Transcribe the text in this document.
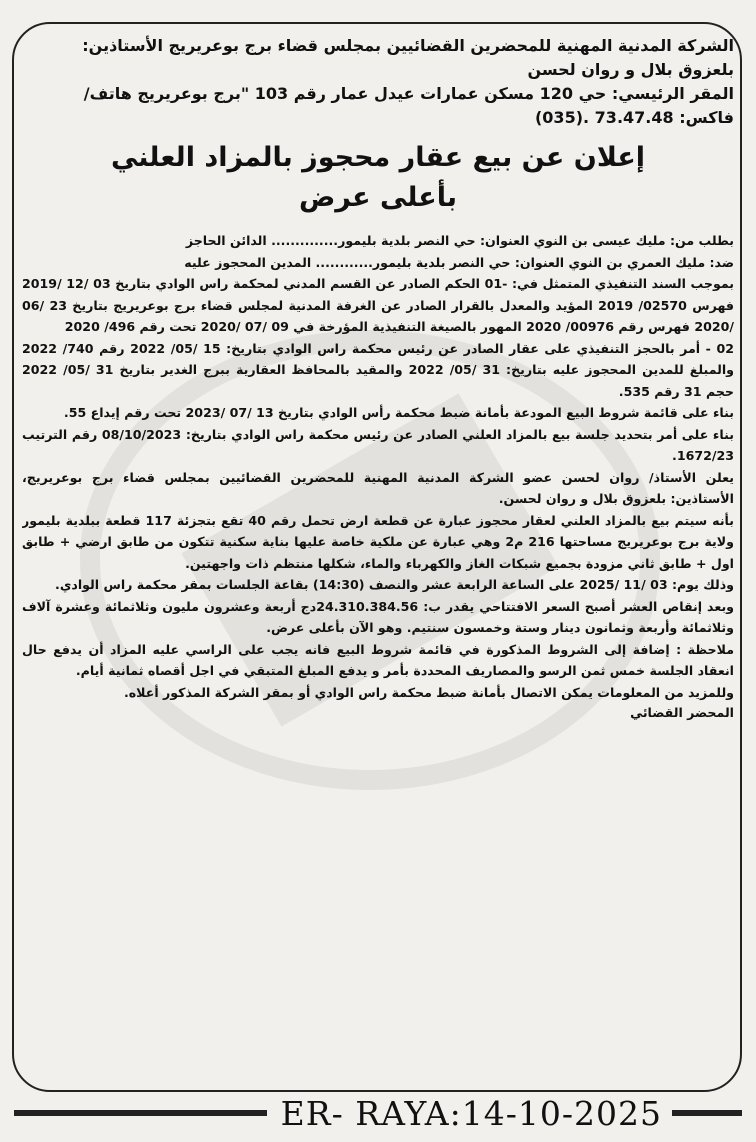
الشركة المدنية المهنية للمحضرين القضائيين بمجلس قضاء برج بوعريريج الأستاذين:

بلعزوق بلال و روان لحسن

المقر الرئيسي: حي 120 مسكن عمارات عيدل عمار رقم 103 "برج بوعريريج هاتف/

فاكس: 73.47.48 .(035)

إعلان عن بيع عقار محجوز بالمزاد العلني

بأعلى عرض

بطلب من: مليك عيسى بن النوي العنوان: حي النصر بلدية بليمور.............. الدائن الحاجز

ضد: مليك العمري بن النوي العنوان: حي النصر بلدية بليمور............ المدين المحجوز عليه

بموجب السند التنفيذي المتمثل في: -01 الحكم الصادر عن القسم المدني لمحكمة راس الوادي بتاريخ 03 /12 /2019 فهرس 02570/ 2019 المؤيد والمعدل بالقرار الصادر عن الغرفة المدنية لمجلس قضاء برج بوعريريج بتاريخ 23 /06 /2020 فهرس رقم 00976/ 2020 المهور بالصيغة التنفيذية المؤرخة في 09 /07 /2020 تحت رقم 496/ 2020

02 - أمر بالحجز التنفيذي على عقار الصادر عن رئيس محكمة راس الوادي بتاريخ: 15 /05/ 2022 رقم 740/ 2022 والمبلغ للمدين المحجوز عليه بتاريخ: 31 /05/ 2022 والمقيد بالمحافظ العقارية ببرج الغدير بتاريخ 31 /05/ 2022 حجم 31 رقم 535.

بناء على قائمة شروط البيع المودعة بأمانة ضبط محكمة رأس الوادي بتاريخ 13 /07 /2023 تحت رقم إيداع 55.

بناء على أمر بتحديد جلسة بيع بالمزاد العلني الصادر عن رئيس محكمة راس الوادي بتاريخ: 08/10/2023 رقم الترتيب 1672/23.

يعلن الأستاذ/ روان لحسن عضو الشركة المدنية المهنية للمحضرين القضائيين بمجلس قضاء برج بوعريريج، الأستاذين: بلعزوق بلال و روان لحسن.

بأنه سيتم بيع بالمزاد العلني لعقار محجوز عبارة عن قطعة ارض تحمل رقم 40 تقع بتجزئة 117 قطعة ببلدية بليمور ولاية برج بوعريريج مساحتها 216 م2 وهي عبارة عن ملكية خاصة عليها بناية سكنية تتكون من طابق ارضي + طابق اول + طابق ثاني مزودة بجميع شبكات الغاز والكهرباء والماء، شكلها منتظم ذات واجهتين.

وذلك يوم: 03 /11 /2025 على الساعة الرابعة عشر والنصف (14:30) بقاعة الجلسات بمقر محكمة راس الوادي.

وبعد إنقاص العشر أصبح السعر الافتتاحي يقدر ب: 24.310.384.56دج أربعة وعشرون مليون وثلاثمائة وعشرة آلاف وثلاثمائة وأربعة وثمانون دينار وستة وخمسون سنتيم. وهو الآن بأعلى عرض.

ملاحظة : إضافة إلى الشروط المذكورة في قائمة شروط البيع فانه يجب على الراسي عليه المزاد أن يدفع حال انعقاد الجلسة خمس ثمن الرسو والمصاريف المحددة بأمر و يدفع المبلغ المتبقي في اجل أقصاه ثمانية أيام.

وللمزيد من المعلومات يمكن الاتصال بأمانة ضبط محكمة راس الوادي أو بمقر الشركة المذكور أعلاه.

المحضر القضائي

ER- RAYA:14-10-2025
